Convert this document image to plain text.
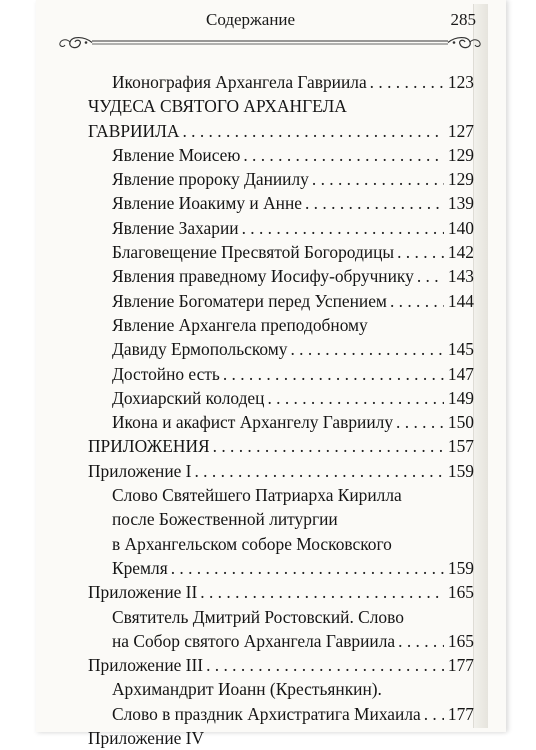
Содержание	285
Иконография Архангела Гавриила . . .	123
ЧУДЕСА СВЯТОГО АРХАНГЕЛА
ГАВРИИЛА . . .	127
Явление Моисею . . .	129
Явление пророку Даниилу . . .	129
Явление Иоакиму и Анне . . .	139
Явление Захарии . . .	140
Благовещение Пресвятой Богородицы . . .	142
Явления праведному Иосифу-обручнику . . . 143
Явление Богоматери перед Успением . . .	144
Явление Архангела преподобному
Давиду Ермопольскому . . .	145
Достойно есть . . .	147
Дохиарский колодец . . .	149
Икона и акафист Архангелу Гавриилу . . .	150
ПРИЛОЖЕНИЯ . . .	157
Приложение I . . .	159
Слово Святейшего Патриарха Кирилла
после Божественной литургии
в Архангельском соборе Московского
Кремля . . .	159
Приложение II . . .	165
Святитель Дмитрий Ростовский. Слово
на Собор святого Архангела Гавриила . . .	165
Приложение III . . .	177
Архимандрит Иоанн (Крестьянкин).
Слово в праздник Архистратига Михаила . . . 177
Приложение IV
